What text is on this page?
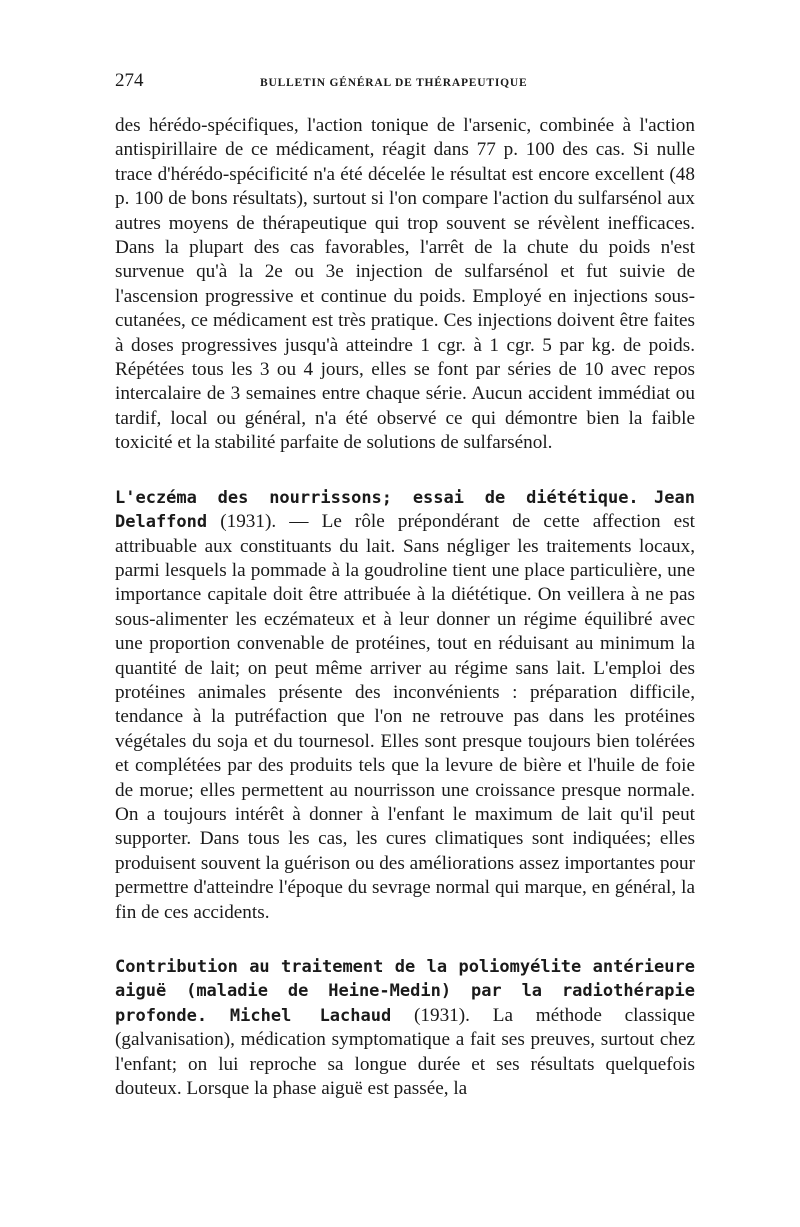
274	BULLETIN GÉNÉRAL DE THÉRAPEUTIQUE

des hérédo-spécifiques, l'action tonique de l'arsenic, combinée à l'action antispirillaire de ce médicament, réagit dans 77 p. 100 des cas. Si nulle trace d'hérédo-spécificité n'a été décelée le résultat est encore excellent (48 p. 100 de bons résultats), surtout si l'on compare l'action du sulfarsénol aux autres moyens de thérapeutique qui trop souvent se révèlent inefficaces. Dans la plupart des cas favorables, l'arrêt de la chute du poids n'est survenue qu'à la 2e ou 3e injection de sulfarsénol et fut suivie de l'ascension progressive et continue du poids. Employé en injections sous-cutanées, ce médicament est très pratique. Ces injections doivent être faites à doses progressives jusqu'à atteindre 1 cgr. à 1 cgr. 5 par kg. de poids. Répétées tous les 3 ou 4 jours, elles se font par séries de 10 avec repos intercalaire de 3 semaines entre chaque série. Aucun accident immédiat ou tardif, local ou général, n'a été observé ce qui démontre bien la faible toxicité et la stabilité parfaite de solutions de sulfarsénol.

L'eczéma des nourrissons; essai de diététique. Jean Delaffond (1931). — Le rôle prépondérant de cette affection est attribuable aux constituants du lait. Sans négliger les traitements locaux, parmi lesquels la pommade à la goudroline tient une place particulière, une importance capitale doit être attribuée à la diététique. On veillera à ne pas sous-alimenter les eczémateux et à leur donner un régime équilibré avec une proportion convenable de protéines, tout en réduisant au minimum la quantité de lait; on peut même arriver au régime sans lait. L'emploi des protéines animales présente des inconvénients : préparation difficile, tendance à la putréfaction que l'on ne retrouve pas dans les protéines végétales du soja et du tournesol. Elles sont presque toujours bien tolérées et complétées par des produits tels que la levure de bière et l'huile de foie de morue; elles permettent au nourrisson une croissance presque normale. On a toujours intérêt à donner à l'enfant le maximum de lait qu'il peut supporter. Dans tous les cas, les cures climatiques sont indiquées; elles produisent souvent la guérison ou des améliorations assez importantes pour permettre d'atteindre l'époque du sevrage normal qui marque, en général, la fin de ces accidents.

Contribution au traitement de la poliomyélite antérieure aiguë (maladie de Heine-Medin) par la radiothérapie profonde. Michel Lachaud (1931). La méthode classique (galvanisation), médication symptomatique a fait ses preuves, surtout chez l'enfant; on lui reproche sa longue durée et ses résultats quelquefois douteux. Lorsque la phase aiguë est passée, la
